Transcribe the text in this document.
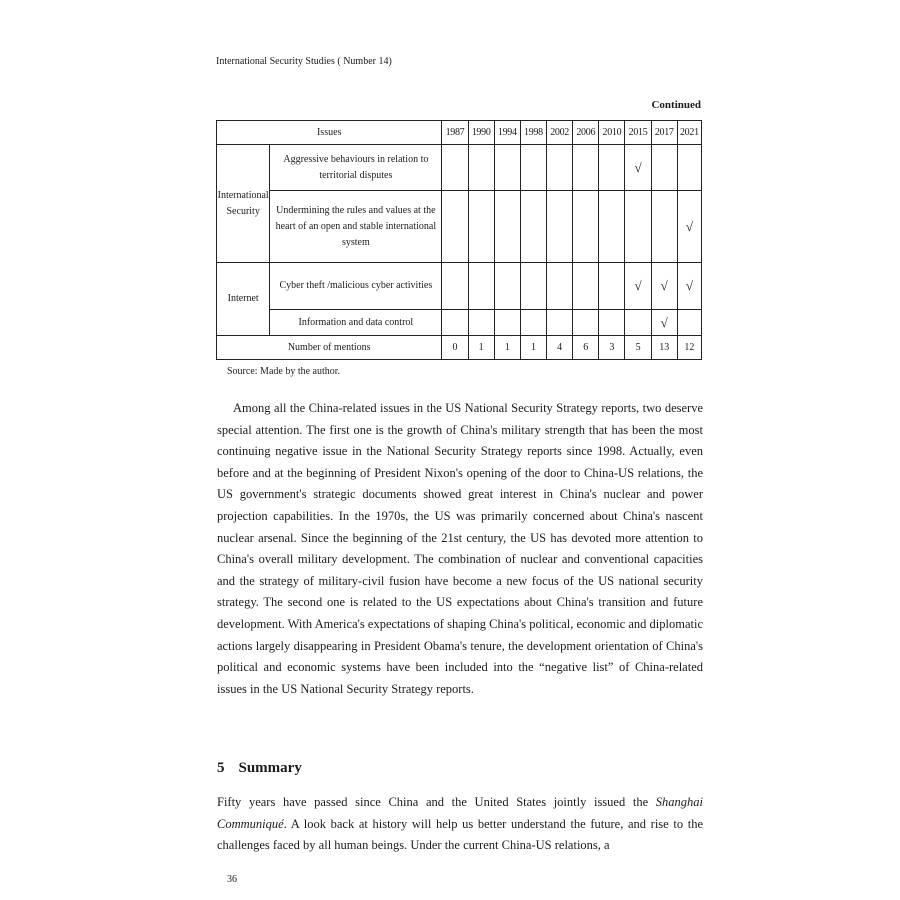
International Security Studies ( Number 14)
Continued
Issues		1987	1990	1994	1998	2002	2006	2010	2015	2017	2021
International Security	Aggressive behaviours in relation to territorial disputes								√		
	Undermining the rules and values at the heart of an open and stable international system										√
Internet	Cyber theft /malicious cyber activities								√	√	√
	Information and data control									√	
Number of mentions		0	1	1	1	4	6	3	5	13	12
Source: Made by the author.

Among all the China-related issues in the US National Security Strategy reports, two deserve special attention. The first one is the growth of China's military strength that has been the most continuing negative issue in the National Security Strategy reports since 1998. Actually, even before and at the beginning of President Nixon's opening of the door to China-US relations, the US government's strategic documents showed great interest in China's nuclear and power projection capabilities. In the 1970s, the US was primarily concerned about China's nascent nuclear arsenal. Since the beginning of the 21st century, the US has devoted more attention to China's overall military development. The combination of nuclear and conventional capacities and the strategy of military-civil fusion have become a new focus of the US national security strategy. The second one is related to the US expectations about China's transition and future development. With America's expectations of shaping China's political, economic and diplomatic actions largely disappearing in President Obama's tenure, the development orientation of China's political and economic systems have been included into the “negative list” of China-related issues in the US National Security Strategy reports.

5 Summary

Fifty years have passed since China and the United States jointly issued the Shanghai Communiqué. A look back at history will help us better understand the future, and rise to the challenges faced by all human beings. Under the current China-US relations, a

36
